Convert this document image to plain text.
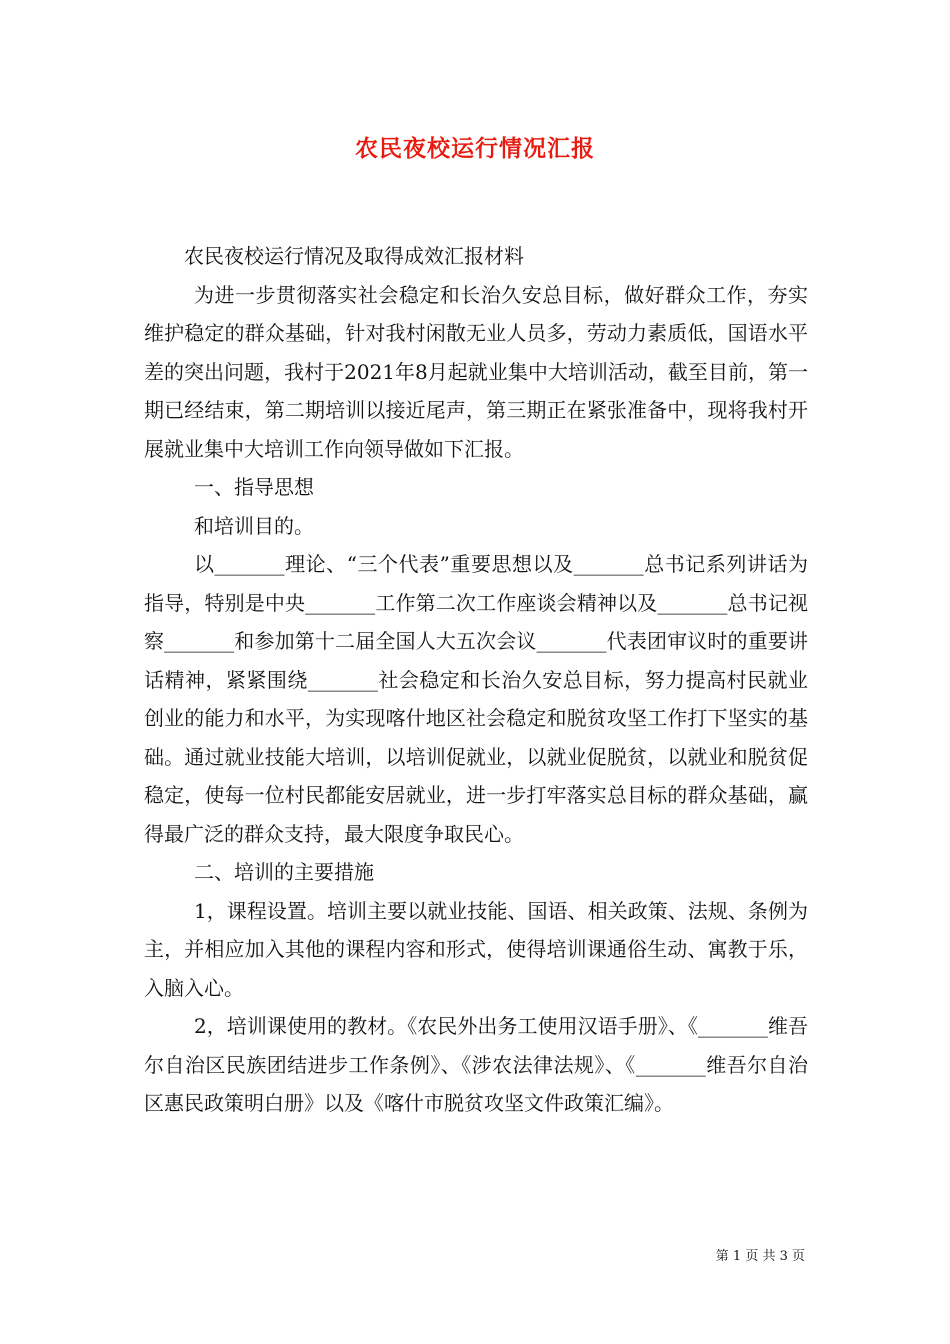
农民夜校运行情况汇报

农民夜校运行情况及取得成效汇报材料

为进一步贯彻落实社会稳定和长治久安总目标，做好群众工作，夯实维护稳定的群众基础，针对我村闲散无业人员多，劳动力素质低，国语水平差的突出问题，我村于2021年8月起就业集中大培训活动，截至目前，第一期已经结束，第二期培训以接近尾声，第三期正在紧张准备中，现将我村开展就业集中大培训工作向领导做如下汇报。

一、指导思想

和培训目的。

以_______理论、“三个代表”重要思想以及_______总书记系列讲话为指导，特别是中央_______工作第二次工作座谈会精神以及_______总书记视察_______和参加第十二届全国人大五次会议_______代表团审议时的重要讲话精神，紧紧围绕_______社会稳定和长治久安总目标，努力提高村民就业创业的能力和水平，为实现喀什地区社会稳定和脱贫攻坚工作打下坚实的基础。通过就业技能大培训，以培训促就业，以就业促脱贫，以就业和脱贫促稳定，使每一位村民都能安居就业，进一步打牢落实总目标的群众基础，赢得最广泛的群众支持，最大限度争取民心。

二、培训的主要措施

1，课程设置。培训主要以就业技能、国语、相关政策、法规、条例为主，并相应加入其他的课程内容和形式，使得培训课通俗生动、寓教于乐，入脑入心。

2，培训课使用的教材。《农民外出务工使用汉语手册》、《_______维吾尔自治区民族团结进步工作条例》、《涉农法律法规》、《_______维吾尔自治区惠民政策明白册》以及《喀什市脱贫攻坚文件政策汇编》。

第 1 页 共 3 页
